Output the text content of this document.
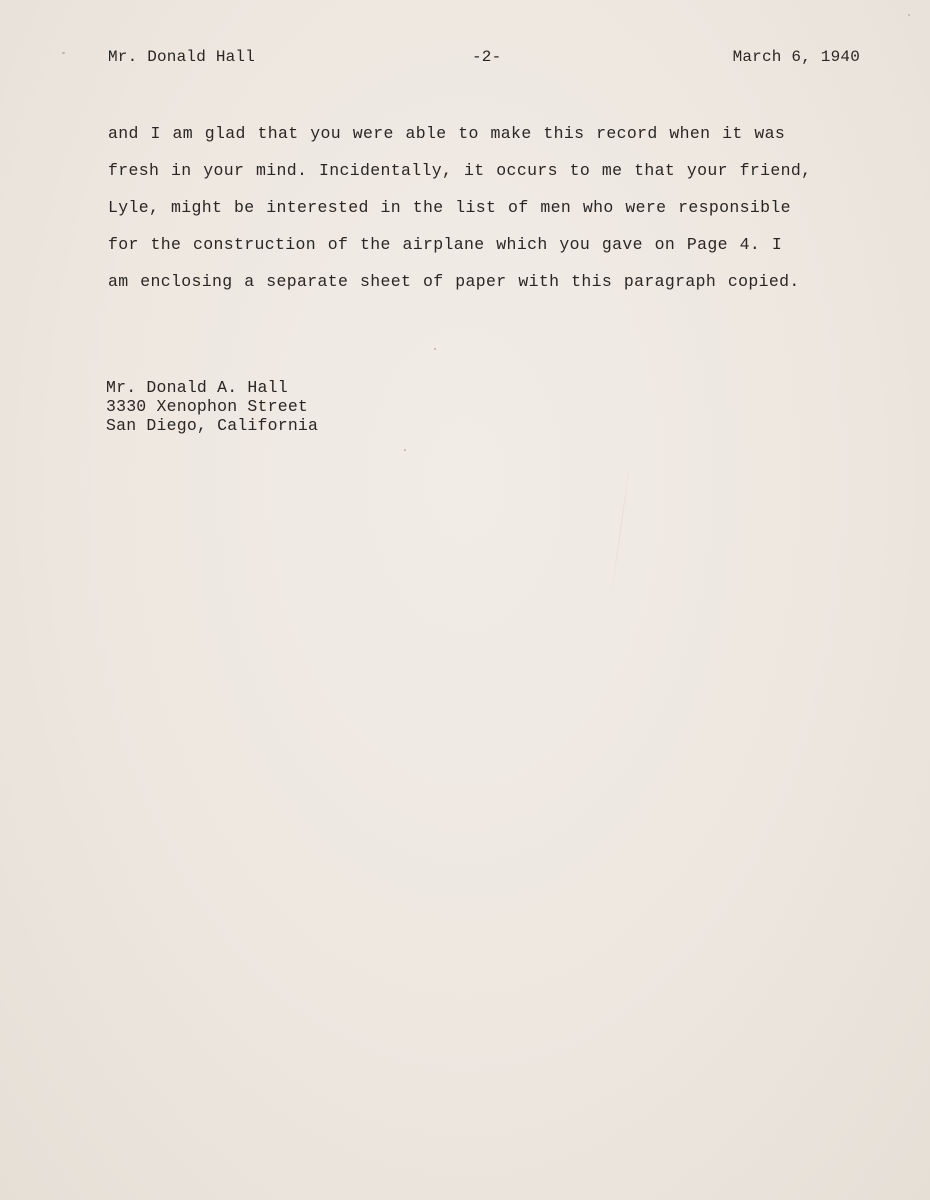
Mr. Donald Hall	-2-	March 6, 1940
and I am glad that you were able to make this record when it was
fresh in your mind. Incidentally, it occurs to me that your friend,
Lyle, might be interested in the list of men who were responsible
for the construction of the airplane which you gave on Page 4. I
am enclosing a separate sheet of paper with this paragraph copied.
Mr. Donald A. Hall
3330 Xenophon Street
San Diego, California
